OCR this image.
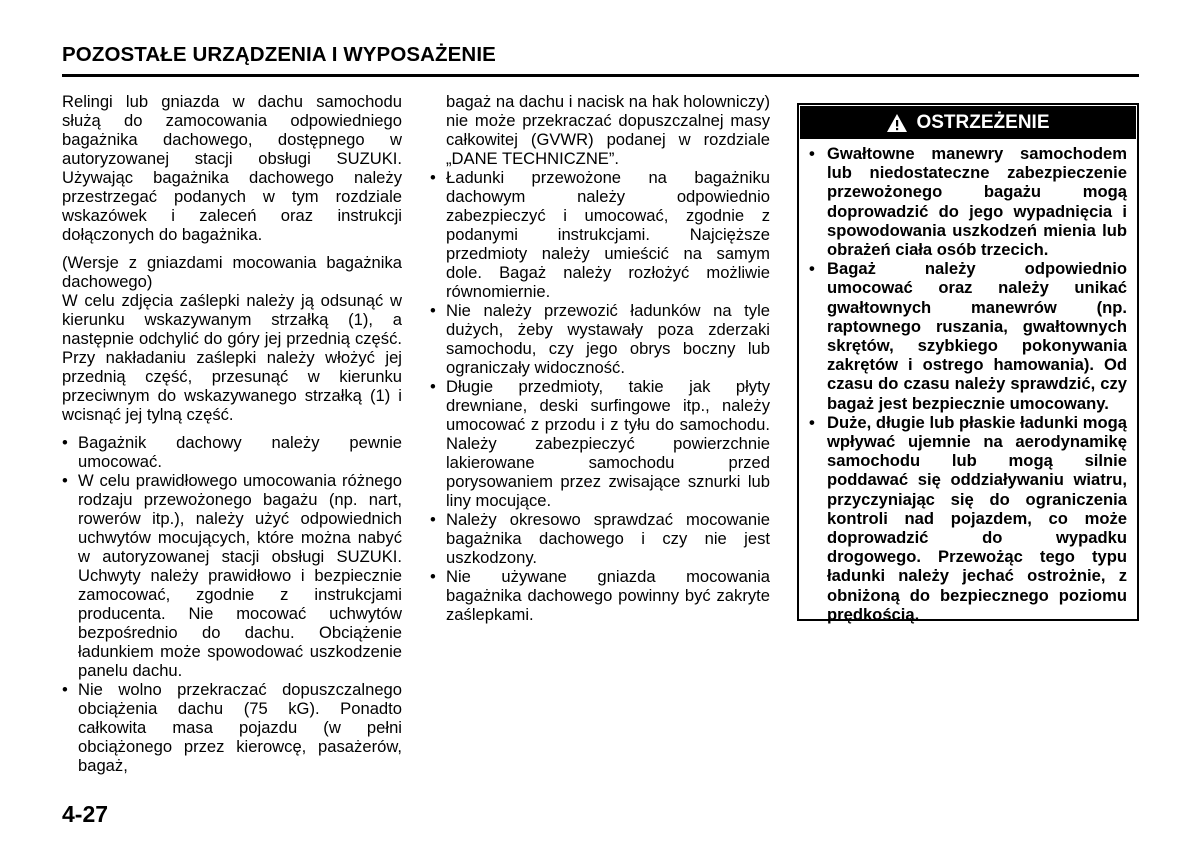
POZOSTAŁE URZĄDZENIA I WYPOSAŻENIE

Relingi lub gniazda w dachu samochodu służą do zamocowania odpowiedniego bagażnika dachowego, dostępnego w autoryzowanej stacji obsługi SUZUKI. Używając bagażnika dachowego należy przestrzegać podanych w tym rozdziale wskazówek i zaleceń oraz instrukcji dołączonych do bagażnika.

(Wersje z gniazdami mocowania bagażnika dachowego)

W celu zdjęcia zaślepki należy ją odsunąć w kierunku wskazywanym strzałką (1), a następnie odchylić do góry jej przednią część. Przy nakładaniu zaślepki należy włożyć jej przednią część, przesunąć w kierunku przeciwnym do wskazywanego strzałką (1) i wcisnąć jej tylną część.

• Bagażnik dachowy należy pewnie umocować.
• W celu prawidłowego umocowania różnego rodzaju przewożonego bagażu (np. nart, rowerów itp.), należy użyć odpowiednich uchwytów mocujących, które można nabyć w autoryzowanej stacji obsługi SUZUKI. Uchwyty należy prawidłowo i bezpiecznie zamocować, zgodnie z instrukcjami producenta. Nie mocować uchwytów bezpośrednio do dachu. Obciążenie ładunkiem może spowodować uszkodzenie panelu dachu.
• Nie wolno przekraczać dopuszczalnego obciążenia dachu (75 kG). Ponadto całkowita masa pojazdu (w pełni obciążonego przez kierowcę, pasażerów, bagaż,

bagaż na dachu i nacisk na hak holowniczy) nie może przekraczać dopuszczalnej masy całkowitej (GVWR) podanej w rozdziale „DANE TECHNICZNE”.

• Ładunki przewożone na bagażniku dachowym należy odpowiednio zabezpieczyć i umocować, zgodnie z podanymi instrukcjami. Najcięższe przedmioty należy umieścić na samym dole. Bagaż należy rozłożyć możliwie równomiernie.
• Nie należy przewozić ładunków na tyle dużych, żeby wystawały poza zderzaki samochodu, czy jego obrys boczny lub ograniczały widoczność.
• Długie przedmioty, takie jak płyty drewniane, deski surfingowe itp., należy umocować z przodu i z tyłu do samochodu. Należy zabezpieczyć powierzchnie lakierowane samochodu przed porysowaniem przez zwisające sznurki lub liny mocujące.
• Należy okresowo sprawdzać mocowanie bagażnika dachowego i czy nie jest uszkodzony.
• Nie używane gniazda mocowania bagażnika dachowego powinny być zakryte zaślepkami.
OSTRZEŻENIE
• Gwałtowne manewry samochodem lub niedostateczne zabezpieczenie przewożonego bagażu mogą doprowadzić do jego wypadnięcia i spowodowania uszkodzeń mienia lub obrażeń ciała osób trzecich.
• Bagaż należy odpowiednio umocować oraz należy unikać gwałtownych manewrów (np. raptownego ruszania, gwałtownych skrętów, szybkiego pokonywania zakrętów i ostrego hamowania). Od czasu do czasu należy sprawdzić, czy bagaż jest bezpiecznie umocowany.
• Duże, długie lub płaskie ładunki mogą wpływać ujemnie na aerodynamikę samochodu lub mogą silnie poddawać się oddziaływaniu wiatru, przyczyniając się do ograniczenia kontroli nad pojazdem, co może doprowadzić do wypadku drogowego. Przewożąc tego typu ładunki należy jechać ostrożnie, z obniżoną do bezpiecznego poziomu prędkością.
4-27
